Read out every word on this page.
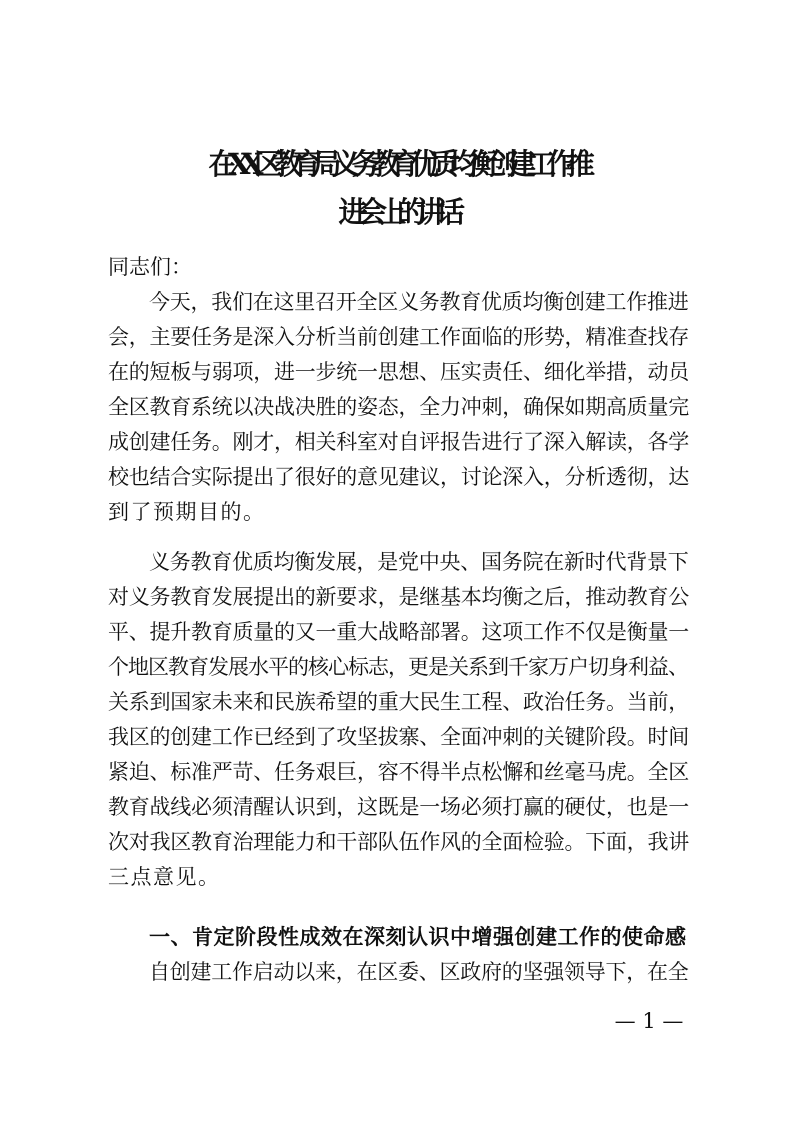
在XX区教育局义务教育优质均衡创建工作推
进会上的讲话
同志们：
今天，我们在这里召开全区义务教育优质均衡创建工作推进
会，主要任务是深入分析当前创建工作面临的形势，精准查找存
在的短板与弱项，进一步统一思想、压实责任、细化举措，动员
全区教育系统以决战决胜的姿态，全力冲刺，确保如期高质量完
成创建任务。刚才，相关科室对自评报告进行了深入解读，各学
校也结合实际提出了很好的意见建议，讨论深入，分析透彻，达
到了预期目的。
义务教育优质均衡发展，是党中央、国务院在新时代背景下
对义务教育发展提出的新要求，是继基本均衡之后，推动教育公
平、提升教育质量的又一重大战略部署。这项工作不仅是衡量一
个地区教育发展水平的核心标志，更是关系到千家万户切身利益、
关系到国家未来和民族希望的重大民生工程、政治任务。当前，
我区的创建工作已经到了攻坚拔寨、全面冲刺的关键阶段。时间
紧迫、标准严苛、任务艰巨，容不得半点松懈和丝毫马虎。全区
教育战线必须清醒认识到，这既是一场必须打赢的硬仗，也是一
次对我区教育治理能力和干部队伍作风的全面检验。下面，我讲
三点意见。
一、肯定阶段性成效在深刻认识中增强创建工作的使命感
自创建工作启动以来，在区委、区政府的坚强领导下，在全
— 1 —
